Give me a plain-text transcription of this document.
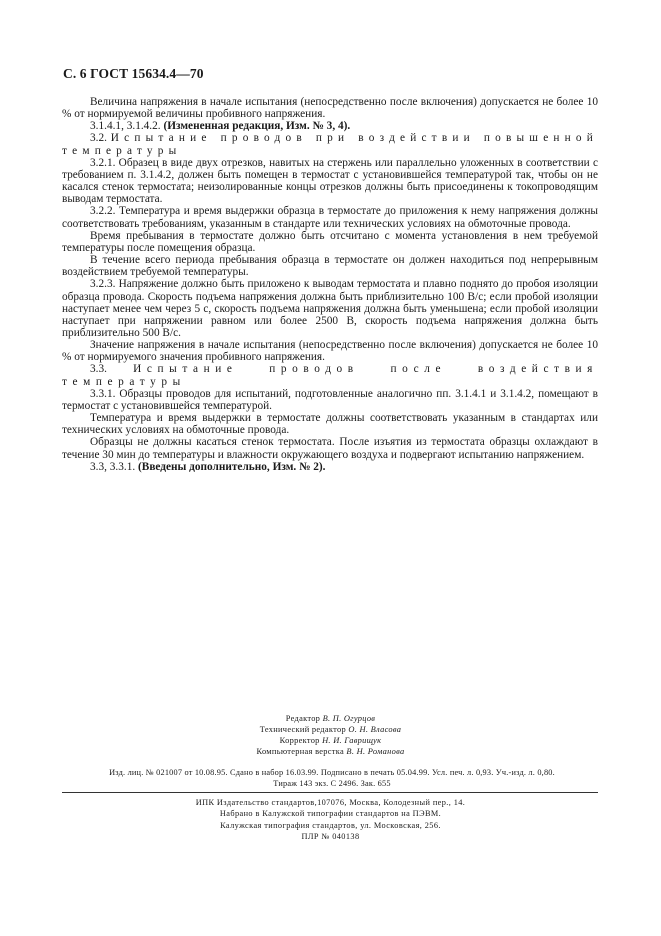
С. 6 ГОСТ 15634.4—70

Величина напряжения в начале испытания (непосредственно после включения) допускается не более 10 % от нормируемой величины пробивного напряжения.

3.1.4.1, 3.1.4.2. (Измененная редакция, Изм. № 3, 4).

3.2. Испытание проводов при воздействии повышенной температуры

3.2.1. Образец в виде двух отрезков, навитых на стержень или параллельно уложенных в соответствии с требованием п. 3.1.4.2, должен быть помещен в термостат с установившейся температурой так, чтобы он не касался стенок термостата; неизолированные концы отрезков должны быть присоединены к токопроводящим выводам термостата.

3.2.2. Температура и время выдержки образца в термостате до приложения к нему напряжения должны соответствовать требованиям, указанным в стандарте или технических условиях на обмоточные провода.

Время пребывания в термостате должно быть отсчитано с момента установления в нем требуемой температуры после помещения образца.

В течение всего периода пребывания образца в термостате он должен находиться под непрерывным воздействием требуемой температуры.

3.2.3. Напряжение должно быть приложено к выводам термостата и плавно поднято до пробоя изоляции образца провода. Скорость подъема напряжения должна быть приблизительно 100 В/с; если пробой изоляции наступает менее чем через 5 с, скорость подъема напряжения должна быть уменьшена; если пробой изоляции наступает при напряжении равном или более 2500 В, скорость подъема напряжения должна быть приблизительно 500 В/с.

Значение напряжения в начале испытания (непосредственно после включения) допускается не более 10 % от нормируемого значения пробивного напряжения.

3.3. Испытание проводов после воздействия температуры

3.3.1. Образцы проводов для испытаний, подготовленные аналогично пп. 3.1.4.1 и 3.1.4.2, помещают в термостат с установившейся температурой.

Температура и время выдержки в термостате должны соответствовать указанным в стандартах или технических условиях на обмоточные провода.

Образцы не должны касаться стенок термостата. После изъятия из термостата образцы охлаждают в течение 30 мин до температуры и влажности окружающего воздуха и подвергают испытанию напряжением.

3.3, 3.3.1. (Введены дополнительно, Изм. № 2).

Редактор В. П. Огурцов
Технический редактор О. Н. Власова
Корректор Н. И. Гаврищук
Компьютерная верстка В. Н. Романова
Изд. лиц. № 021007 от 10.08.95. Сдано в набор 16.03.99. Подписано в печать 05.04.99. Усл. печ. л. 0,93. Уч.-изд. л. 0,80.
Тираж 143 экз. С 2496. Зак. 655
ИПК Издательство стандартов,107076, Москва, Колодезный пер., 14.
Набрано в Калужской типографии стандартов на ПЭВМ.
Калужская типография стандартов, ул. Московская, 256.
ПЛР № 040138
